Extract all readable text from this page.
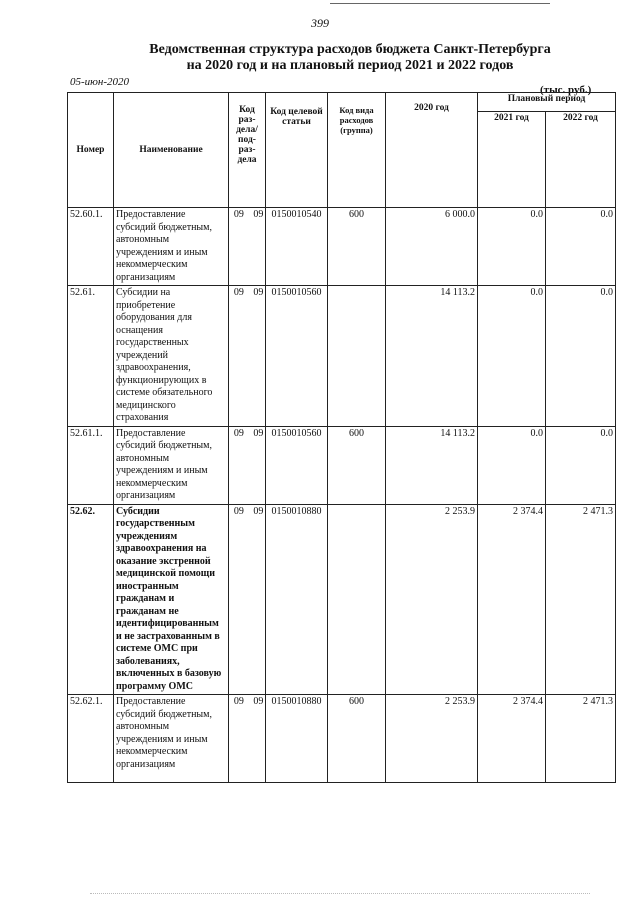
399
Ведомственная структура расходов бюджета Санкт-Петербурга
на 2020 год и на плановый период 2021 и 2022 годов
05-июн-2020
(тыс. руб.)
Номер	Наименование	Код раз-дела/ под-раз-дела	Код целевой статьи	Код вида расходов (группа)	2020 год	Плановый период	
						2021 год	2022 год
52.60.1.	Предоставление субсидий бюджетным, автономным учреждениям и иным некоммерческим организациям	09 09	0150010540	600	6 000.0	0.0	0.0
52.61.	Субсидии на приобретение оборудования для оснащения государственных учреждений здравоохранения, функционирующих в системе обязательного медицинского страхования	09 09	0150010560		14 113.2	0.0	0.0
52.61.1.	Предоставление субсидий бюджетным, автономным учреждениям и иным некоммерческим организациям	09 09	0150010560	600	14 113.2	0.0	0.0
52.62.	Субсидии государственным учреждениям здравоохранения на оказание экстренной медицинской помощи иностранным гражданам и гражданам не идентифицированным и не застрахованным в системе ОМС при заболеваниях, включенных в базовую программу ОМС	09 09	0150010880		2 253.9	2 374.4	2 471.3
52.62.1.	Предоставление субсидий бюджетным, автономным учреждениям и иным некоммерческим организациям	09 09	0150010880	600	2 253.9	2 374.4	2 471.3
